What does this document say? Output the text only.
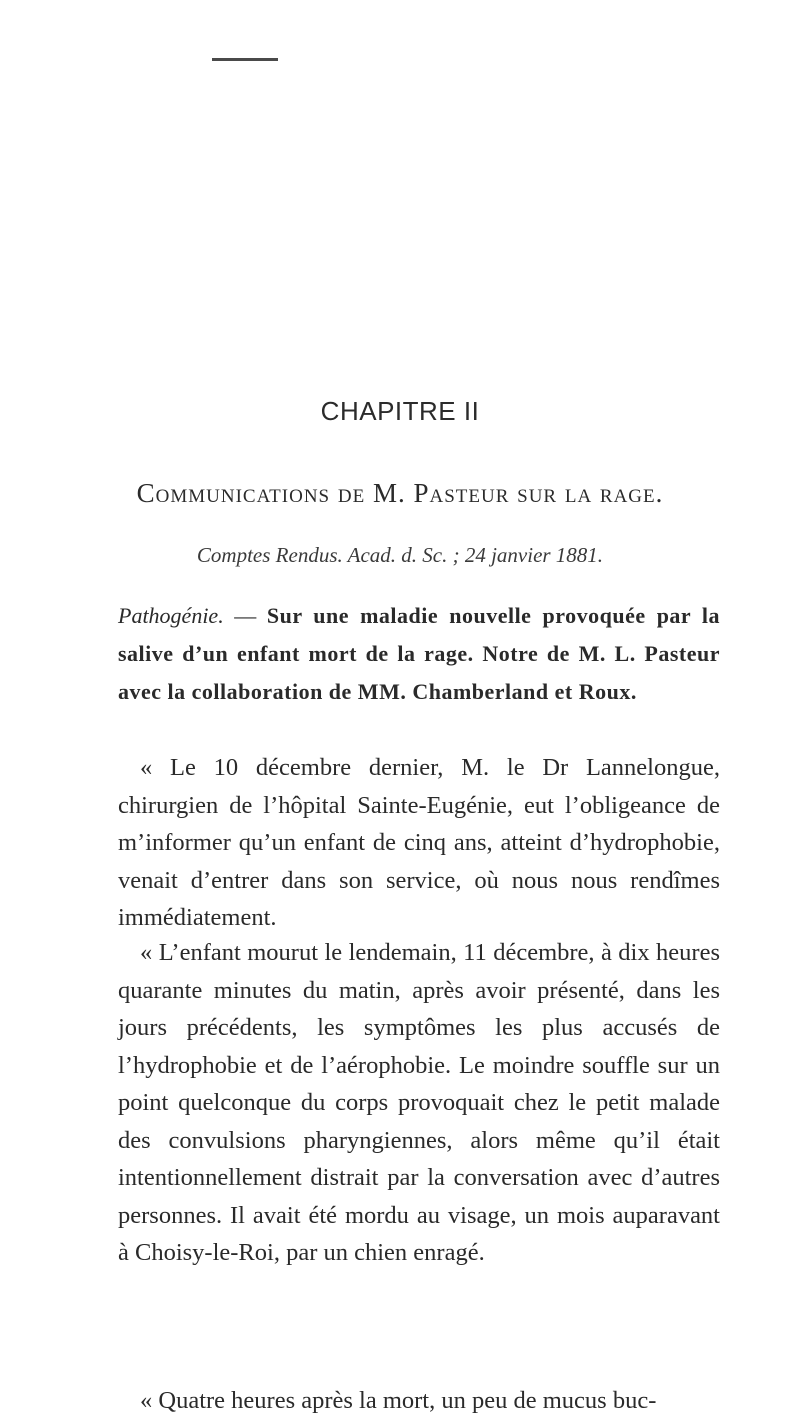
CHAPITRE II
Communications de M. Pasteur sur la rage.
Comptes Rendus. Acad. d. Sc. ; 24 janvier 1881.
Pathogénie. — Sur une maladie nouvelle provoquée par la salive d’un enfant mort de la rage. Notre de M. L. Pasteur avec la collaboration de MM. Chamberland et Roux.

« Le 10 décembre dernier, M. le Dr Lannelongue, chirurgien de l’hôpital Sainte-Eugénie, eut l’obligeance de m’informer qu’un enfant de cinq ans, atteint d’hydrophobie, venait d’entrer dans son service, où nous nous rendîmes immédiatement.

« L’enfant mourut le lendemain, 11 décembre, à dix heures quarante minutes du matin, après avoir présenté, dans les jours précédents, les symptômes les plus accusés de l’hydrophobie et de l’aérophobie. Le moindre souffle sur un point quelconque du corps provoquait chez le petit malade des convulsions pharyngiennes, alors même qu’il était intentionnellement distrait par la conversation avec d’autres personnes. Il avait été mordu au visage, un mois auparavant à Choisy-le-Roi, par un chien enragé.

« Quatre heures après la mort, un peu de mucus buc-
